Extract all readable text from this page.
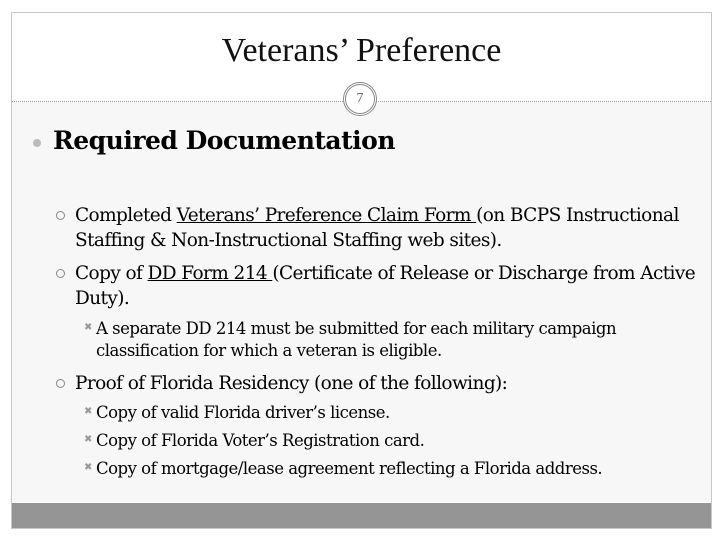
Veterans’ Preference
7
Required Documentation
Completed Veterans’ Preference Claim Form (on BCPS Instructional Staffing & Non-Instructional Staffing web sites).
Copy of DD Form 214 (Certificate of Release or Discharge from Active Duty).
✖ A separate DD 214 must be submitted for each military campaign classification for which a veteran is eligible.
Proof of Florida Residency (one of the following):
✖ Copy of valid Florida driver’s license.
✖ Copy of Florida Voter’s Registration card.
✖ Copy of mortgage/lease agreement reflecting a Florida address.
